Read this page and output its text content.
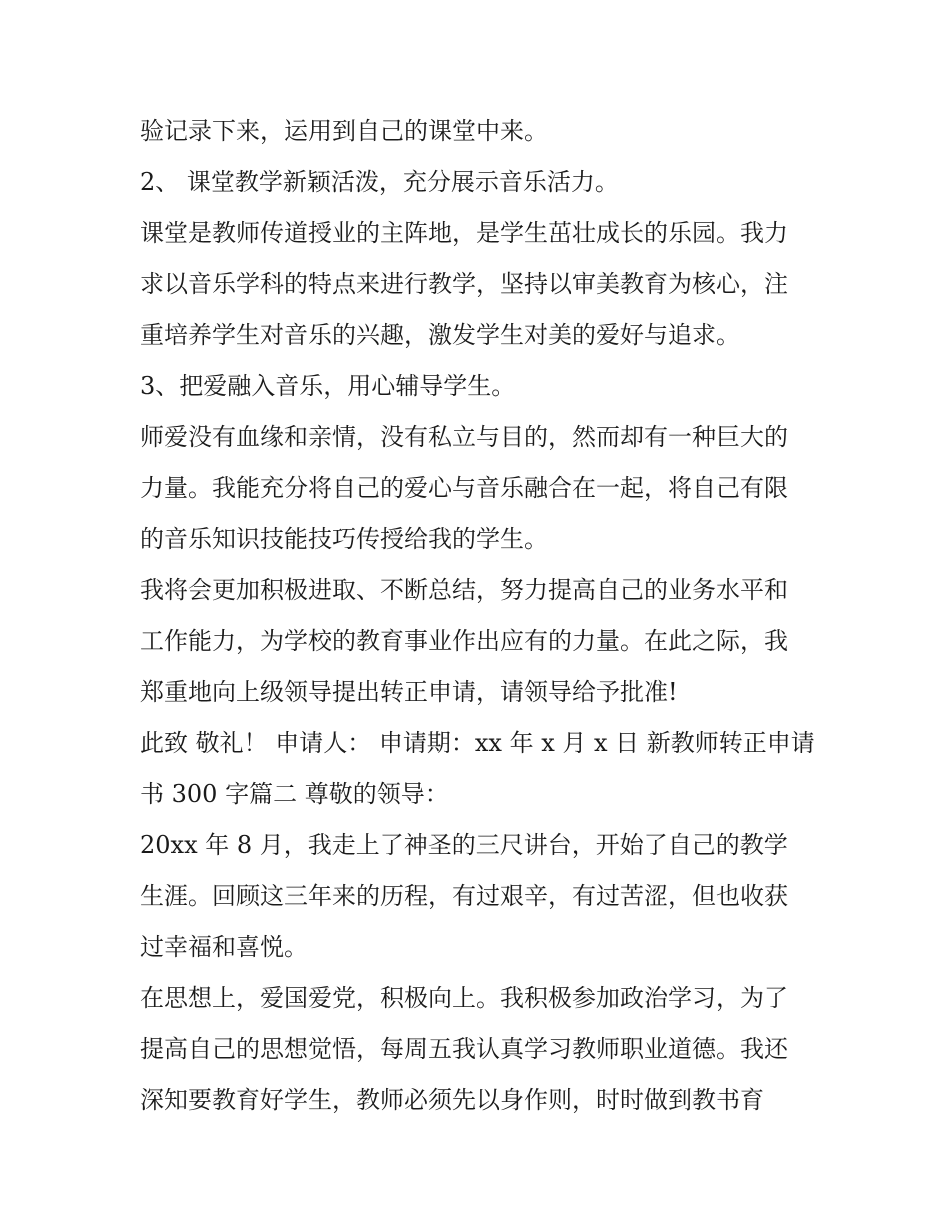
验记录下来，运用到自己的课堂中来。
2、 课堂教学新颖活泼，充分展示音乐活力。
课堂是教师传道授业的主阵地，是学生茁壮成长的乐园。我力
求以音乐学科的特点来进行教学，坚持以审美教育为核心，注
重培养学生对音乐的兴趣，激发学生对美的爱好与追求。
3、把爱融入音乐，用心辅导学生。
师爱没有血缘和亲情，没有私立与目的，然而却有一种巨大的
力量。我能充分将自己的爱心与音乐融合在一起，将自己有限
的音乐知识技能技巧传授给我的学生。
我将会更加积极进取、不断总结，努力提高自己的业务水平和
工作能力，为学校的教育事业作出应有的力量。在此之际，我
郑重地向上级领导提出转正申请，请领导给予批准!
此致 敬礼！ 申请人： 申请期：xx 年 x 月 x 日 新教师转正申请
书 300 字篇二 尊敬的领导：
20xx 年 8 月，我走上了神圣的三尺讲台，开始了自己的教学
生涯。回顾这三年来的历程，有过艰辛，有过苦涩，但也收获
过幸福和喜悦。
在思想上，爱国爱党，积极向上。我积极参加政治学习，为了
提高自己的思想觉悟，每周五我认真学习教师职业道德。我还
深知要教育好学生，教师必须先以身作则，时时做到教书育
